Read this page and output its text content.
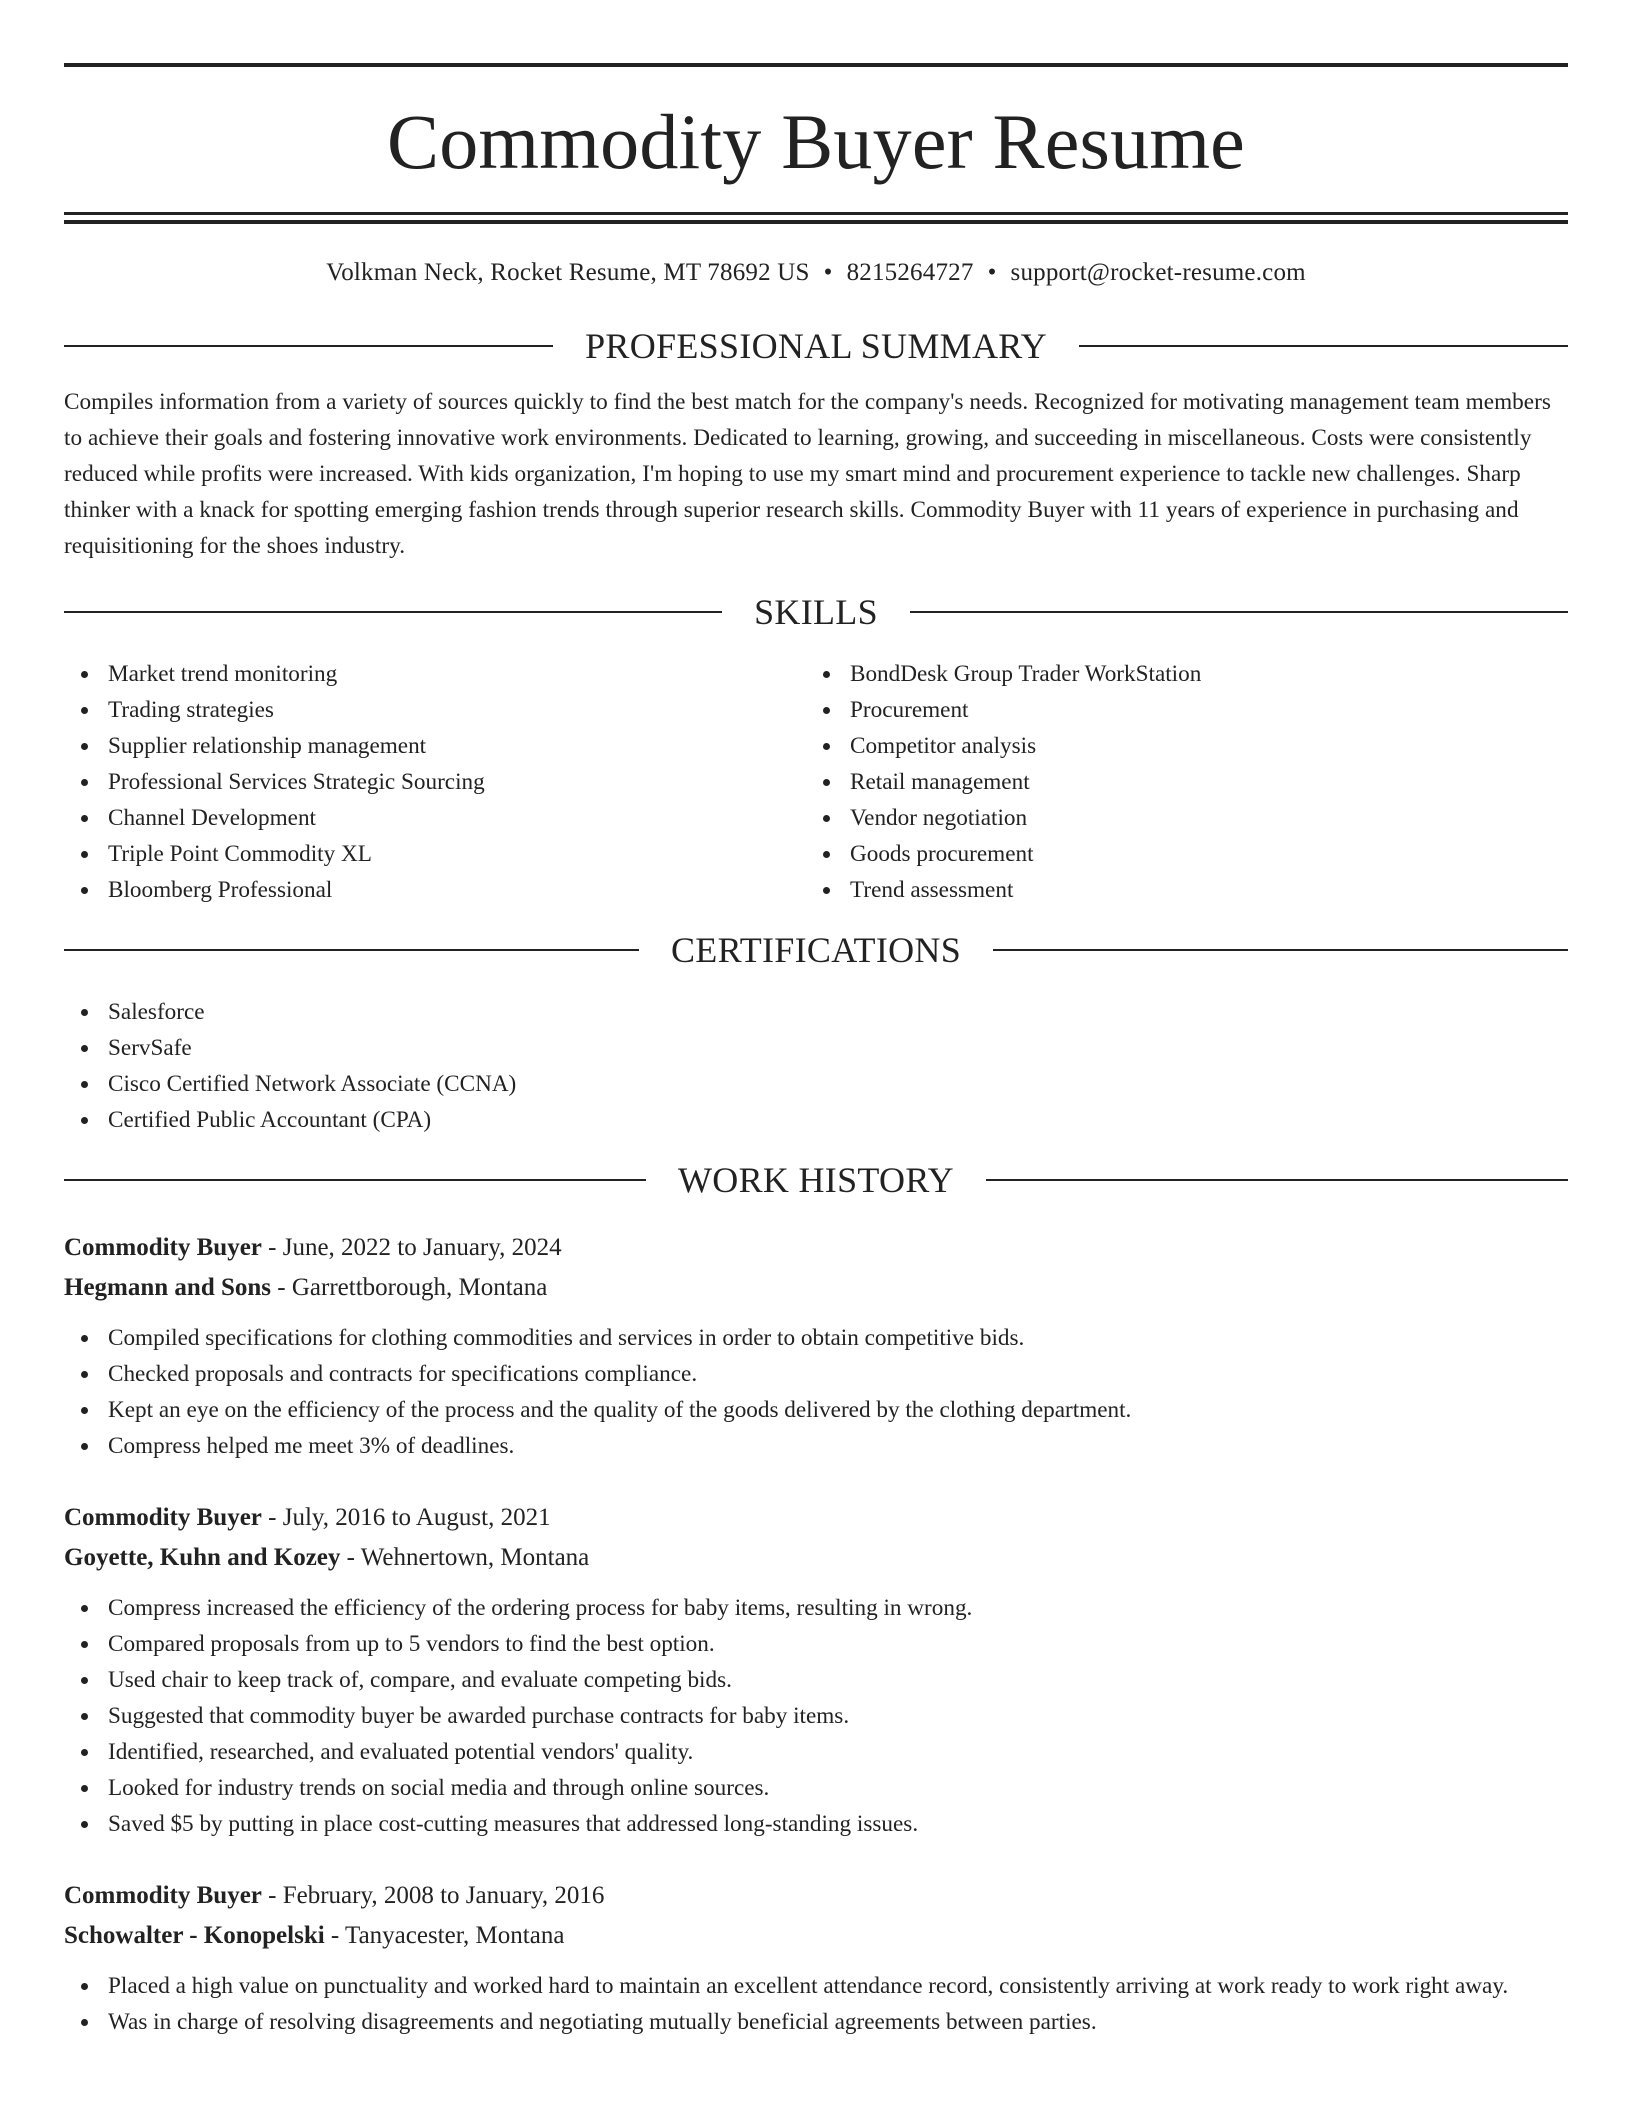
Commodity Buyer Resume
Volkman Neck, Rocket Resume, MT 78692 US • 8215264727 • support@rocket-resume.com
PROFESSIONAL SUMMARY
Compiles information from a variety of sources quickly to find the best match for the company's needs. Recognized for motivating management team members to achieve their goals and fostering innovative work environments. Dedicated to learning, growing, and succeeding in miscellaneous. Costs were consistently reduced while profits were increased. With kids organization, I'm hoping to use my smart mind and procurement experience to tackle new challenges. Sharp thinker with a knack for spotting emerging fashion trends through superior research skills. Commodity Buyer with 11 years of experience in purchasing and requisitioning for the shoes industry.
SKILLS
Market trend monitoring
Trading strategies
Supplier relationship management
Professional Services Strategic Sourcing
Channel Development
Triple Point Commodity XL
Bloomberg Professional
BondDesk Group Trader WorkStation
Procurement
Competitor analysis
Retail management
Vendor negotiation
Goods procurement
Trend assessment
CERTIFICATIONS
Salesforce
ServSafe
Cisco Certified Network Associate (CCNA)
Certified Public Accountant (CPA)
WORK HISTORY
Commodity Buyer - June, 2022 to January, 2024
Hegmann and Sons - Garrettborough, Montana
Compiled specifications for clothing commodities and services in order to obtain competitive bids.
Checked proposals and contracts for specifications compliance.
Kept an eye on the efficiency of the process and the quality of the goods delivered by the clothing department.
Compress helped me meet 3% of deadlines.
Commodity Buyer - July, 2016 to August, 2021
Goyette, Kuhn and Kozey - Wehnertown, Montana
Compress increased the efficiency of the ordering process for baby items, resulting in wrong.
Compared proposals from up to 5 vendors to find the best option.
Used chair to keep track of, compare, and evaluate competing bids.
Suggested that commodity buyer be awarded purchase contracts for baby items.
Identified, researched, and evaluated potential vendors' quality.
Looked for industry trends on social media and through online sources.
Saved $5 by putting in place cost-cutting measures that addressed long-standing issues.
Commodity Buyer - February, 2008 to January, 2016
Schowalter - Konopelski - Tanyacester, Montana
Placed a high value on punctuality and worked hard to maintain an excellent attendance record, consistently arriving at work ready to work right away.
Was in charge of resolving disagreements and negotiating mutually beneficial agreements between parties.
